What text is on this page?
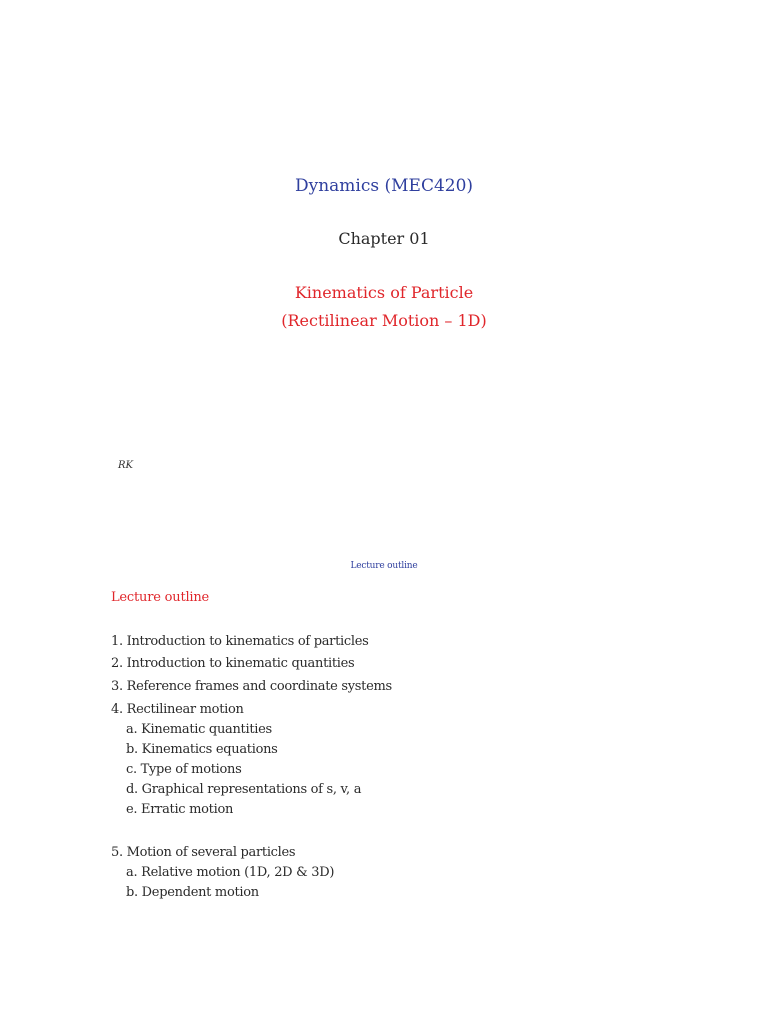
Dynamics (MEC420)
Chapter 01
Kinematics of Particle
(Rectilinear Motion – 1D)
RK
Lecture outline
Lecture outline
1. Introduction to kinematics of particles
2. Introduction to kinematic quantities
3. Reference frames and coordinate systems
4. Rectilinear motion
a. Kinematic quantities
b. Kinematics equations
c. Type of motions
d. Graphical representations of s, v, a
e. Erratic motion
5. Motion of several particles
a. Relative motion (1D, 2D & 3D)
b. Dependent motion
